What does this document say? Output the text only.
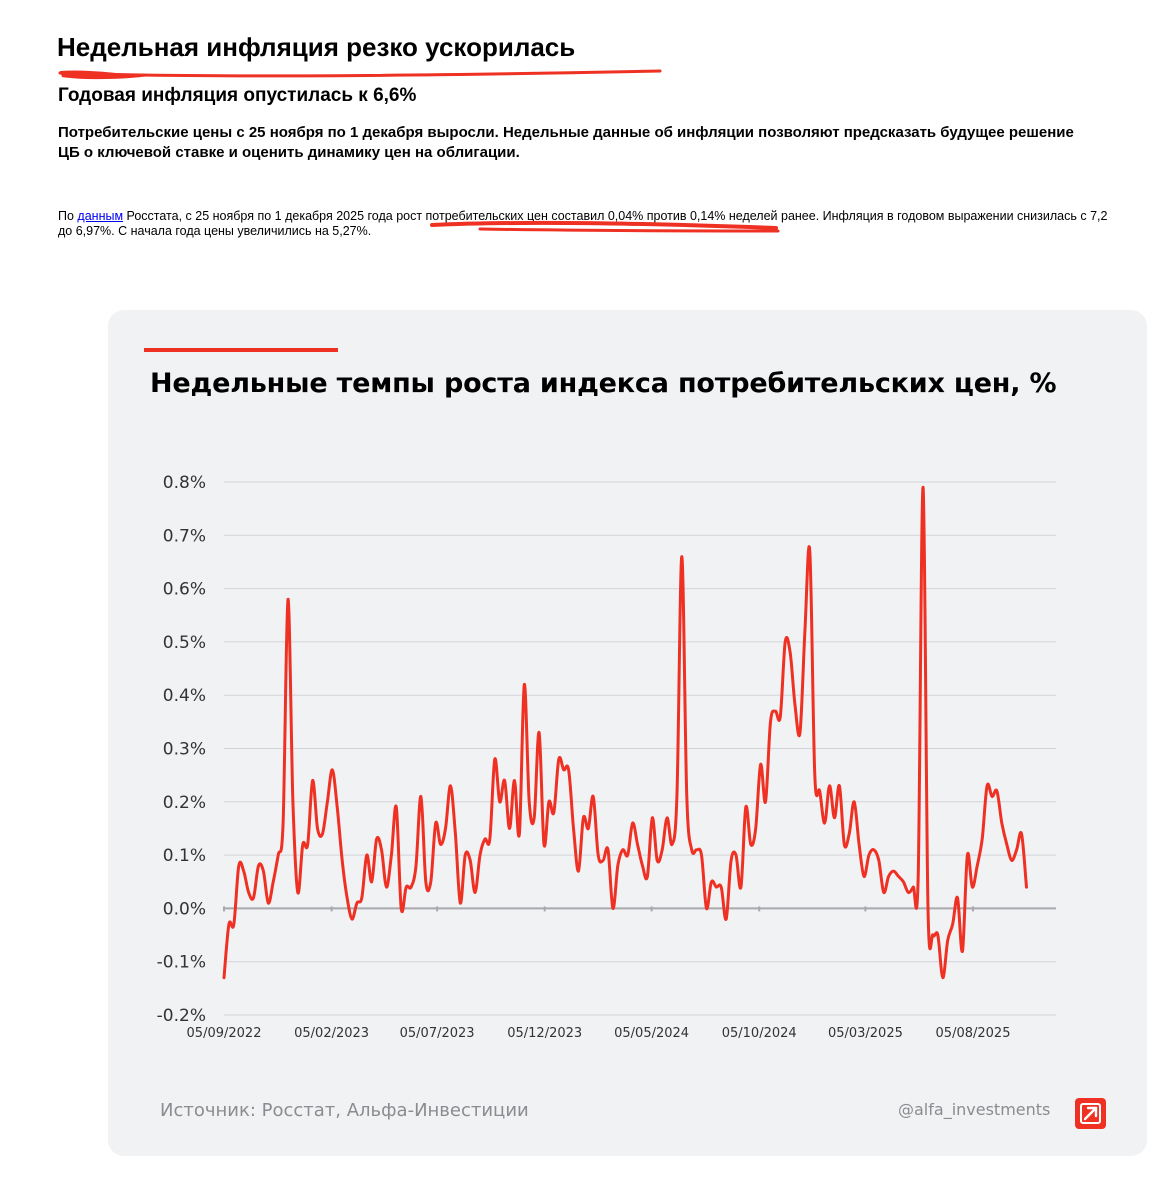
Недельная инфляция резко ускорилась
Годовая инфляция опустилась к 6,6%

Потребительские цены с 25 ноября по 1 декабря выросли. Недельные данные об инфляции позволяют предсказать будущее решение ЦБ о ключевой ставке и оценить динамику цен на облигации.

По данным Росстата, с 25 ноября по 1 декабря 2025 года рост потребительских цен составил 0,04% против 0,14% неделей ранее. Инфляция в годовом выражении снизилась с 7,2 до 6,97%. С начала года цены увеличились на 5,27%.

Недельные темпы роста индекса потребительских цен, %
0.8%
0.7%
0.6%
0.5%
0.4%
0.3%
0.2%
0.1%
0.0%
-0.1%
-0.2%
05/09/2022	05/02/2023 05/07/2023	05/12/2023 05/05/2024	05/10/2024 05/03/2025	05/08/2025

Источник: Росстат, Альфа-Инвестиции	@alfa_investments
